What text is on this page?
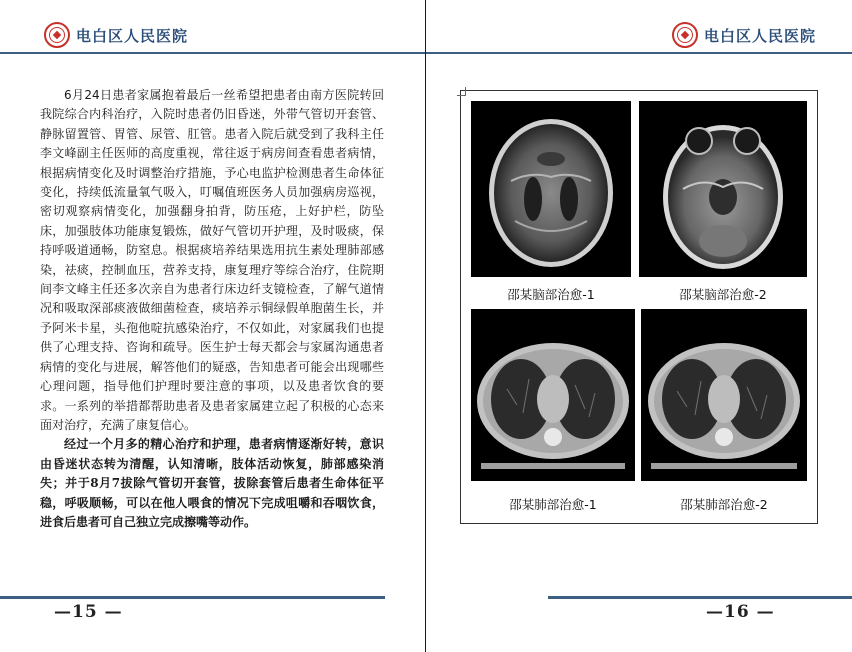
电白区人民医院

6月24日患者家属抱着最后一丝希望把患者由南方医院转回我院综合内科治疗，入院时患者仍旧昏迷，外带气管切开套管、静脉留置管、胃管、尿管、肛管。患者入院后就受到了我科主任李文峰副主任医师的高度重视，常往返于病房间查看患者病情，根据病情变化及时调整治疗措施，予心电监护检测患者生命体征变化，持续低流量氧气吸入，叮嘱值班医务人员加强病房巡视，密切观察病情变化，加强翻身拍背，防压疮，上好护栏，防坠床，加强肢体功能康复锻炼，做好气管切开护理，及时吸痰，保持呼吸道通畅，防窒息。根据痰培养结果选用抗生素处理肺部感染，祛痰，控制血压，营养支持，康复理疗等综合治疗，住院期间李文峰主任还多次亲自为患者行床边纤支镜检查，了解气道情况和吸取深部痰液做细菌检查，痰培养示铜绿假单胞菌生长，并予阿米卡星，头孢他啶抗感染治疗，不仅如此，对家属我们也提供了心理支持、咨询和疏导。医生护士每天都会与家属沟通患者病情的变化与进展，解答他们的疑惑，告知患者可能会出现哪些心理问题，指导他们护理时要注意的事项，以及患者饮食的要求。一系列的举措都帮助患者及患者家属建立起了积极的心态来面对治疗，充满了康复信心。

经过一个月多的精心治疗和护理，患者病情逐渐好转，意识由昏迷状态转为清醒，认知清晰，肢体活动恢复，肺部感染消失；并于8月7拔除气管切开套管，拔除套管后患者生命体征平稳，呼吸顺畅，可以在他人喂食的情况下完成咀嚼和吞咽饮食，进食后患者可自己独立完成擦嘴等动作。

—15 —
电白区人民医院
邵某脑部治愈-1	邵某脑部治愈-2
邵某肺部治愈-1	邵某肺部治愈-2
—16 —
